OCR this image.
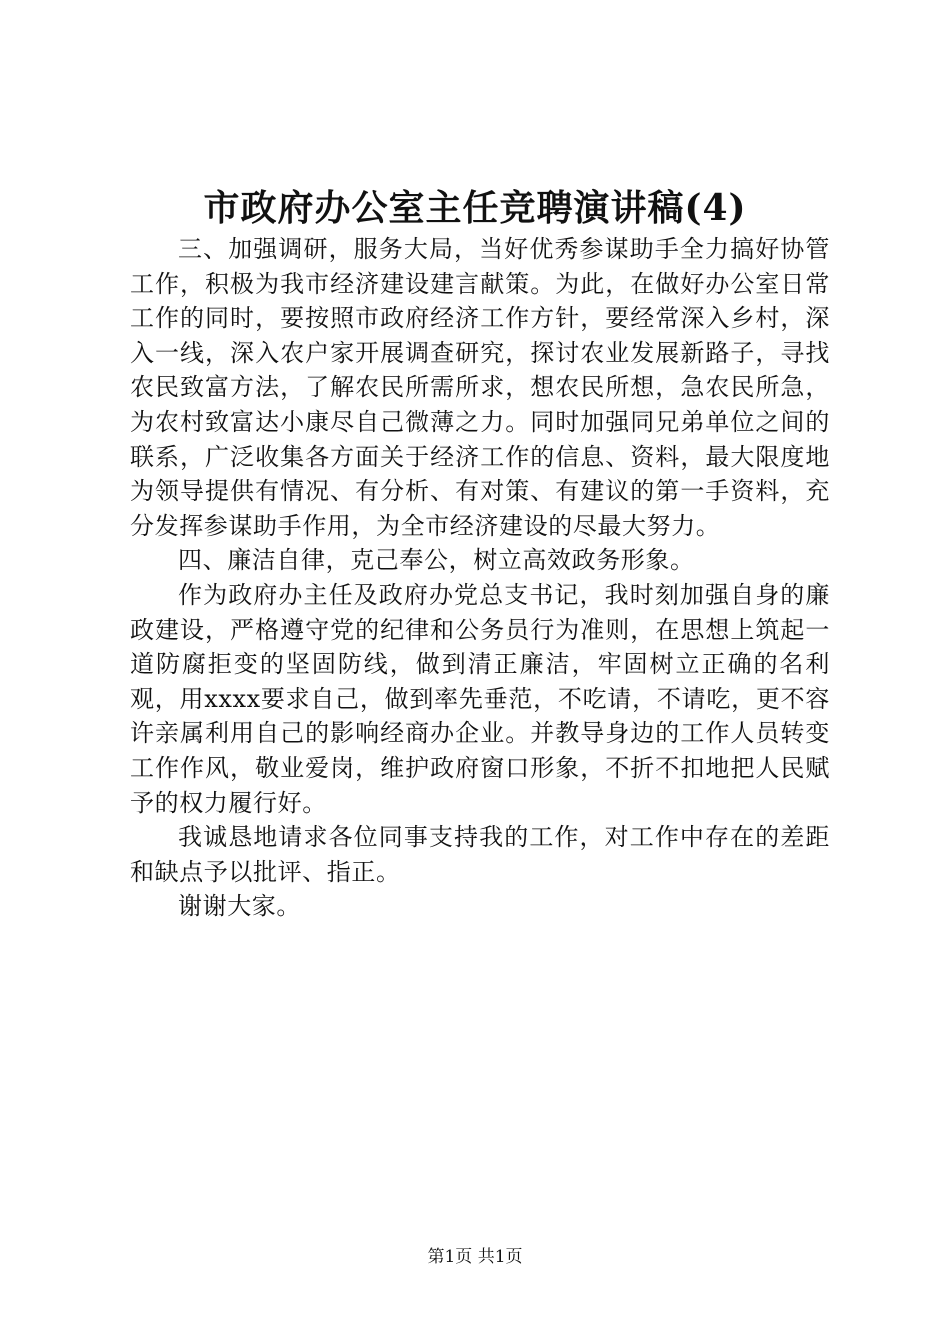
市政府办公室主任竞聘演讲稿(4)

三、加强调研，服务大局，当好优秀参谋助手全力搞好协管工作，积极为我市经济建设建言献策。为此，在做好办公室日常工作的同时，要按照市政府经济工作方针，要经常深入乡村，深入一线，深入农户家开展调查研究，探讨农业发展新路子，寻找农民致富方法，了解农民所需所求，想农民所想，急农民所急，为农村致富达小康尽自己微薄之力。同时加强同兄弟单位之间的联系，广泛收集各方面关于经济工作的信息、资料，最大限度地为领导提供有情况、有分析、有对策、有建议的第一手资料，充分发挥参谋助手作用，为全市经济建设的尽最大努力。

四、廉洁自律，克己奉公，树立高效政务形象。

作为政府办主任及政府办党总支书记，我时刻加强自身的廉政建设，严格遵守党的纪律和公务员行为准则，在思想上筑起一道防腐拒变的坚固防线，做到清正廉洁，牢固树立正确的名利观，用xxxx要求自己，做到率先垂范，不吃请，不请吃，更不容许亲属利用自己的影响经商办企业。并教导身边的工作人员转变工作作风，敬业爱岗，维护政府窗口形象，不折不扣地把人民赋予的权力履行好。

我诚恳地请求各位同事支持我的工作，对工作中存在的差距和缺点予以批评、指正。

谢谢大家。

第1页 共1页
